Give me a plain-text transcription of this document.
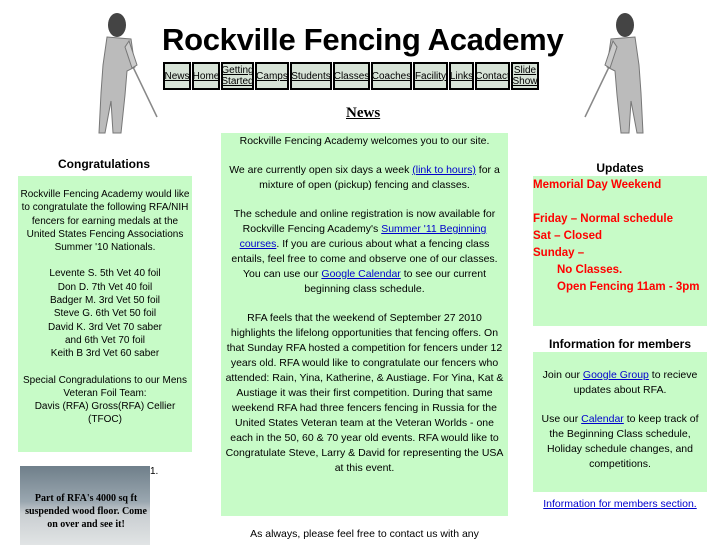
Rockville Fencing Academy
News Home Getting Started Camps Students Classes Coaches Facility Links Contact Slide Show
News
Congratulations

Rockville Fencing Academy would like to congratulate the following RFA/NIH fencers for earning medals at the United States Fencing Associations Summer '10 Nationals.

Levente S. 5th Vet 40 foil
Don D. 7th Vet 40 foil
Badger M. 3rd Vet 50 foil
Steve G. 6th Vet 50 foil
David K. 3rd Vet 70 saber
and 6th Vet 70 foil
Keith B 3rd Vet 60 saber

Special Congradulations to our Mens Veteran Foil Team:
Davis (RFA) Gross(RFA) Cellier (TFOC)

1.
Part of RFA's 4000 sq ft suspended wood floor. Come on over and see it!

Rockville Fencing Academy welcomes you to our site.

We are currently open six days a week (link to hours) for a mixture of open (pickup) fencing and classes.

The schedule and online registration is now available for Rockville Fencing Academy's Summer '11 Beginning courses. If you are curious about what a fencing class entails, feel free to come and observe one of our classes. You can use our Google Calendar to see our current beginning class schedule.

RFA feels that the weekend of September 27 2010 highlights the lifelong opportunities that fencing offers. On that Sunday RFA hosted a competition for fencers under 12 years old. RFA would like to congratulate our fencers who attended: Rain, Yina, Katherine, & Austiage. For Yina, Kat & Austiage it was their first competition. During that same weekend RFA had three fencers fencing in Russia for the United States Veteran team at the Veteran Worlds - one each in the 50, 60 & 70 year old events. RFA would like to Congratulate Steve, Larry & David for representing the USA at this event.

As always, please feel free to contact us with any
Updates
Memorial Day Weekend

Friday – Normal schedule
Sat – Closed
Sunday –
No Classes.
Open Fencing 11am - 3pm
Information for members

Join our Google Group to recieve updates about RFA.

Use our Calendar to keep track of the Beginning Class schedule, Holiday schedule changes, and competitions.

Information for members section.
